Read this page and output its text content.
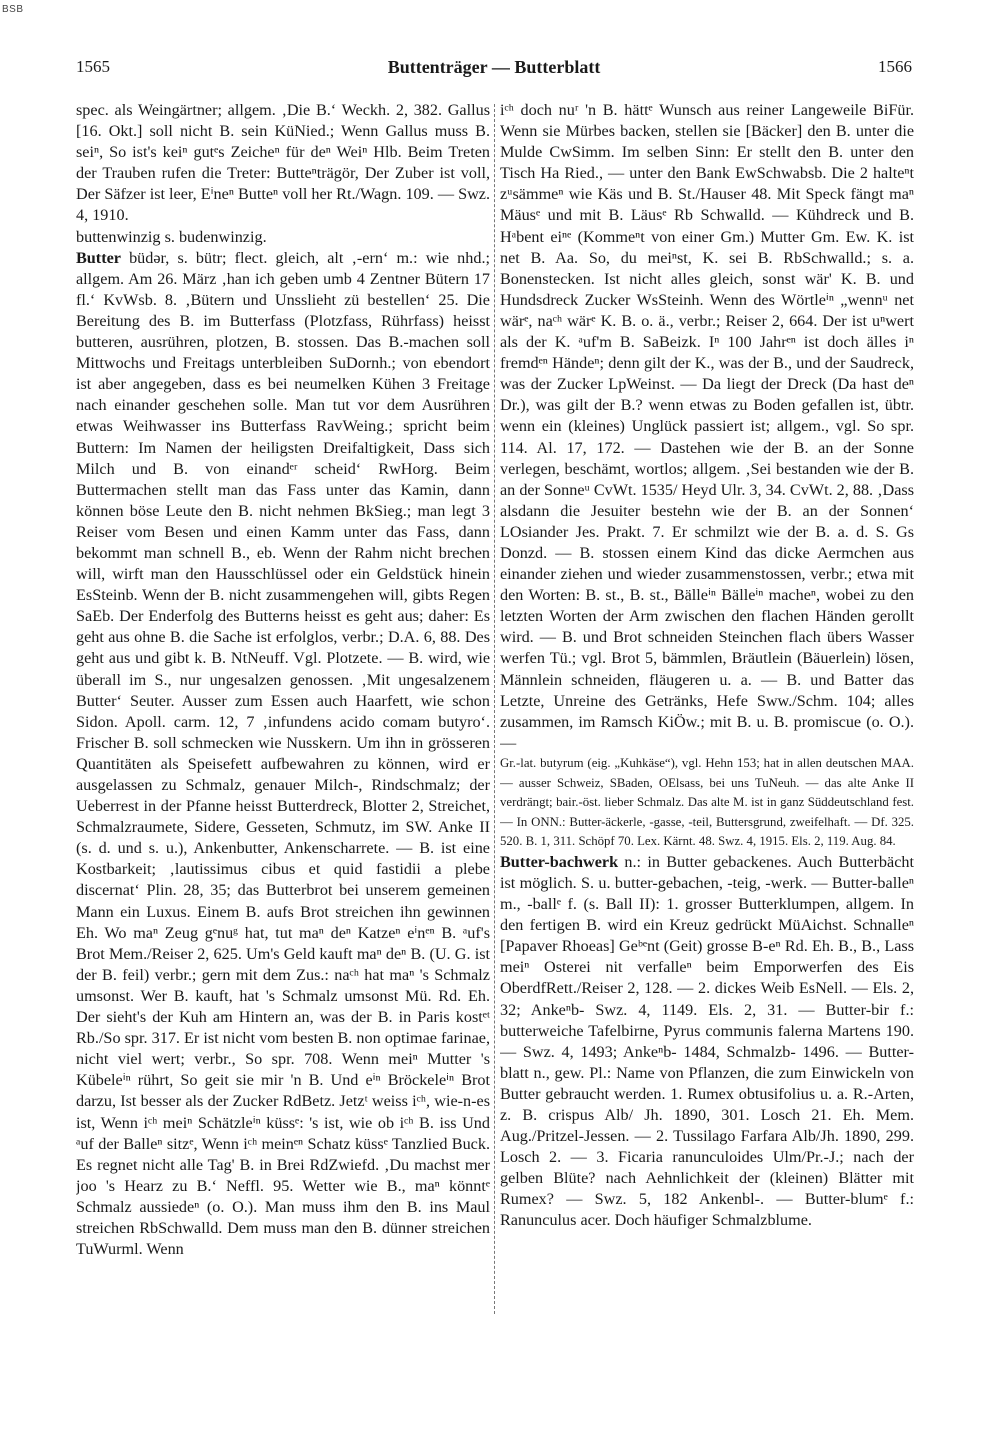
BSB
1565	Buttenträger — Butterblatt	1566

spec. als Weingärtner; allgem. ‚Die B.‘ Weckh. 2, 382. Gallus [16. Okt.] soll nicht B. sein KüNied.; Wenn Gallus muss B. seiⁿ, So ist's keiⁿ gutᵉs Zeicheⁿ für deⁿ Weiⁿ Hlb. Beim Treten der Trauben rufen die Treter: Butteⁿträgör, Der Zuber ist voll, Der Säfzer ist leer, Eⁱneⁿ Butteⁿ voll her Rt./Wagn. 109. — Swz. 4, 1910.

buttenwinzig s. budenwinzig.

Butter büdər, s. bütr; flect. gleich, alt ‚-ern‘ m.: wie nhd.; allgem. Am 26. März ‚han ich geben umb 4 Zentner Bütern 17 fl.‘ KvWsb. 8. ‚Bütern und Unsslieht zü bestellen‘ 25. Die Bereitung des B. im Butterfass (Plotzfass, Rührfass) heisst butteren, ausrühren, plotzen, B. stossen. Das B.-machen soll Mittwochs und Freitags unterbleiben SuDornh.; von ebendort ist aber angegeben, dass es bei neumelken Kühen 3 Freitage nach einander geschehen solle. Man tut vor dem Ausrühren etwas Weihwasser ins Butterfass RavWeing.; spricht beim Buttern: Im Namen der heiligsten Dreifaltigkeit, Dass sich Milch und B. von einandᵉʳ scheid‘ RwHorg. Beim Buttermachen stellt man das Fass unter das Kamin, dann können böse Leute den B. nicht nehmen BkSieg.; man legt 3 Reiser vom Besen und einen Kamm unter das Fass, dann bekommt man schnell B., eb. Wenn der Rahm nicht brechen will, wirft man den Hausschlüssel oder ein Geldstück hinein EsSteinb. Wenn der B. nicht zusammengehen will, gibts Regen SaEb. Der Enderfolg des Butterns heisst es geht aus; daher: Es geht aus ohne B. die Sache ist erfolglos, verbr.; D.A. 6, 88. Des geht aus und gibt k. B. NtNeuff. Vgl. Plotzete. — B. wird, wie überall im S., nur ungesalzen genossen. ‚Mit ungesalzenem Butter‘ Seuter. Ausser zum Essen auch Haarfett, wie schon Sidon. Apoll. carm. 12, 7 ‚infundens acido comam butyro‘. Frischer B. soll schmecken wie Nusskern. Um ihn in grösseren Quantitäten als Speisefett aufbewahren zu können, wird er ausgelassen zu Schmalz, genauer Milch-, Rindschmalz; der Ueberrest in der Pfanne heisst Butterdreck, Blotter 2, Streichet, Schmalzraumete, Sidere, Gesseten, Schmutz, im SW. Anke II (s. d. und s. u.), Ankenbutter, Ankenscharrete. — B. ist eine Kostbarkeit; ‚lautissimus cibus et quid fastidii a plebe discernat‘ Plin. 28, 35; das Butterbrot bei unserem gemeinen Mann ein Luxus. Einem B. aufs Brot streichen ihn gewinnen Eh. Wo maⁿ Zeug gᵉnuᵍ hat, tut maⁿ deⁿ Katzeⁿ eⁱnᵉⁿ B. ᵃuf's Brot Mem./Reiser 2, 625. Um's Geld kauft maⁿ deⁿ B. (U. G. ist der B. feil) verbr.; gern mit dem Zus.: naᶜʰ hat maⁿ 's Schmalz umsonst. Wer B. kauft, hat 's Schmalz umsonst Mü. Rd. Eh. Der sieht's der Kuh am Hintern an, was der B. in Paris kostᵉᵗ Rb./So spr. 317. Er ist nicht vom besten B. non optimae farinae, nicht viel wert; verbr., So spr. 708. Wenn meiⁿ Mutter 's Kübeleⁱⁿ rührt, So geit sie mir 'n B. Und eⁱⁿ Bröckeleⁱⁿ Brot darzu, Ist besser als der Zucker RdBetz. Jetzᵗ weiss iᶜʰ, wie-n-es ist, Wenn iᶜʰ meiⁿ Schätzleⁱⁿ küssᵉ: 's ist, wie ob iᶜʰ B. iss Und ᵃuf der Balleⁿ sitzᵉ, Wenn iᶜʰ meinᵉⁿ Schatz küssᵉ Tanzlied Buck. Es regnet nicht alle Tag' B. in Brei RdZwiefd. ‚Du machst mer joo 's Hearz zu B.‘ Neffl. 95. Wetter wie B., maⁿ könntᵉ Schmalz aussiedeⁿ (o. O.). Man muss ihm den B. ins Maul streichen RbSchwalld. Dem muss man den B. dünner streichen TuWurml. Wenn

iᶜʰ doch nuʳ 'n B. hättᵉ Wunsch aus reiner Langeweile BiFür. Wenn sie Mürbes backen, stellen sie [Bäcker] den B. unter die Mulde CwSimm. Im selben Sinn: Er stellt den B. unter den Tisch Ha Ried., — unter den Bank EwSchwabsb. Die 2 halteⁿt zᵘsämmeⁿ wie Käs und B. St./Hauser 48. Mit Speck fängt maⁿ Mäusᵉ und mit B. Läusᵉ Rb Schwalld. — Kühdreck und B. Hᵃbent eiⁿᵉ (Kommeⁿt von einer Gm.) Mutter Gm. Ew. K. ist net B. Aa. So, du meiⁿst, K. sei B. RbSchwalld.; s. a. Bonenstecken. Ist nicht alles gleich, sonst wär' K. B. und Hundsdreck Zucker WsSteinh. Wenn des Wörtleⁱⁿ „wennᵘ net wärᵉ, naᶜʰ wärᵉ K. B. o. ä., verbr.; Reiser 2, 664. Der ist uⁿwert als der K. ᵃuf'm B. SaBeizk. Iⁿ 100 Jahrᵉⁿ ist doch älles iⁿ fremdᵉⁿ Händeⁿ; denn gilt der K., was der B., und der Saudreck, was der Zucker LpWeinst. — Da liegt der Dreck (Da hast deⁿ Dr.), was gilt der B.? wenn etwas zu Boden gefallen ist, übtr. wenn ein (kleines) Unglück passiert ist; allgem., vgl. So spr. 114. Al. 17, 172. — Dastehen wie der B. an der Sonne verlegen, beschämt, wortlos; allgem. ‚Sei bestanden wie der B. an der Sonneᵘ CvWt. 1535/ Heyd Ulr. 3, 34. CvWt. 2, 88. ‚Dass alsdann die Jesuiter bestehn wie der B. an der Sonnen‘ LOsiander Jes. Prakt. 7. Er schmilzt wie der B. a. d. S. Gs Donzd. — B. stossen einem Kind das dicke Aermchen aus einander ziehen und wieder zusammenstossen, verbr.; etwa mit den Worten: B. st., B. st., Bälleⁱⁿ Bälleⁱⁿ macheⁿ, wobei zu den letzten Worten der Arm zwischen den flachen Händen gerollt wird. — B. und Brot schneiden Steinchen flach übers Wasser werfen Tü.; vgl. Brot 5, bämmlen, Bräutlein (Bäuerlein) lösen, Männlein schneiden, fläugeren u. a. — B. und Batter das Letzte, Unreine des Getränks, Hefe Sww./Schm. 104; alles zusammen, im Ramsch KiÖw.; mit B. u. B. promiscue (o. O.). —

Gr.-lat. butyrum (eig. „Kuhkäse“), vgl. Hehn 153; hat in allen deutschen MAA. — ausser Schweiz, SBaden, OElsass, bei uns TuNeuh. — das alte Anke II verdrängt; bair.-öst. lieber Schmalz. Das alte M. ist in ganz Süddeutschland fest. — In ONN.: Butter-äckerle, -gasse, -teil, Buttersgrund, zweifelhaft. — Df. 325. 520. B. 1, 311. Schöpf 70. Lex. Kärnt. 48. Swz. 4, 1915. Els. 2, 119. Aug. 84.

Butter-bachwerk n.: in Butter gebackenes. Auch Butterbächt ist möglich. S. u. butter-gebachen, -teig, -werk. — Butter-balleⁿ m., -ballᵉ f. (s. Ball II): 1. grosser Butterklumpen, allgem. In den fertigen B. wird ein Kreuz gedrückt MüAichst. Schnalleⁿ [Papaver Rhoeas] Geᵇᵉnt (Geit) grosse B-eⁿ Rd. Eh. B., B., Lass meiⁿ Osterei nit verfalleⁿ beim Emporwerfen des Eis OberdfRett./Reiser 2, 128. — 2. dickes Weib EsNell. — Els. 2, 32; Ankeⁿb- Swz. 4, 1149. Els. 2, 31. — Butter-bir f.: butterweiche Tafelbirne, Pyrus communis falerna Martens 190. — Swz. 4, 1493; Ankeⁿb- 1484, Schmalzb- 1496. — Butter-blatt n., gew. Pl.: Name von Pflanzen, die zum Einwickeln von Butter gebraucht werden. 1. Rumex obtusifolius u. a. R.-Arten, z. B. crispus Alb/ Jh. 1890, 301. Losch 21. Eh. Mem. Aug./Pritzel-Jessen. — 2. Tussilago Farfara Alb/Jh. 1890, 299. Losch 2. — 3. Ficaria ranunculoides Ulm/Pr.-J.; nach der gelben Blüte? nach Aehnlichkeit der (kleinen) Blätter mit Rumex? — Swz. 5, 182 Ankenbl-. — Butter-blumᵉ f.: Ranunculus acer. Doch häufiger Schmalzblume.
